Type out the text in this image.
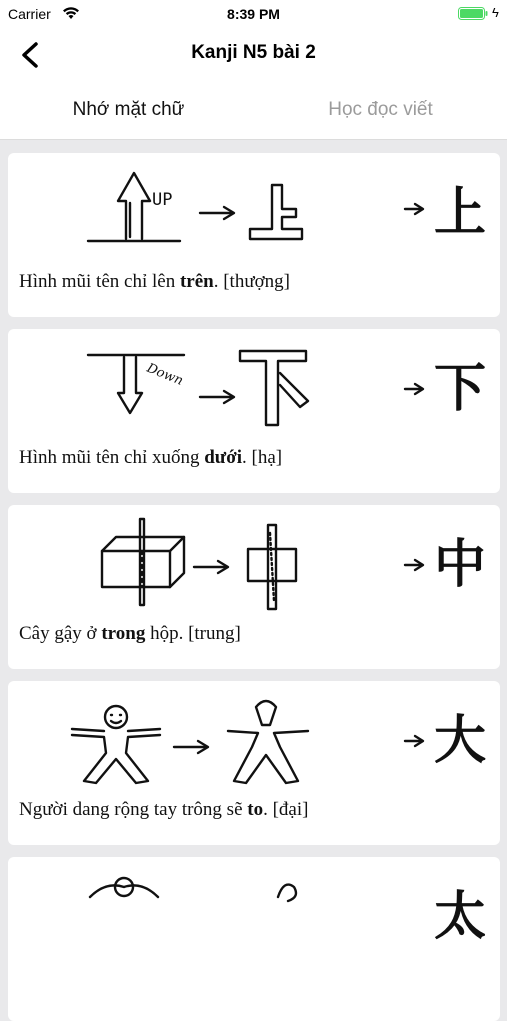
Carrier	8:39 PM	ϟ
Kanji N5 bài 2
Nhớ mặt chữ	Học đọc viết
UP	上
Hình mũi tên chỉ lên trên. [thượng]
Down	下
Hình mũi tên chỉ xuống dưới. [hạ]
中
Cây gậy ở trong hộp. [trung]
大
Người dang rộng tay trông sẽ to. [đại]
太
